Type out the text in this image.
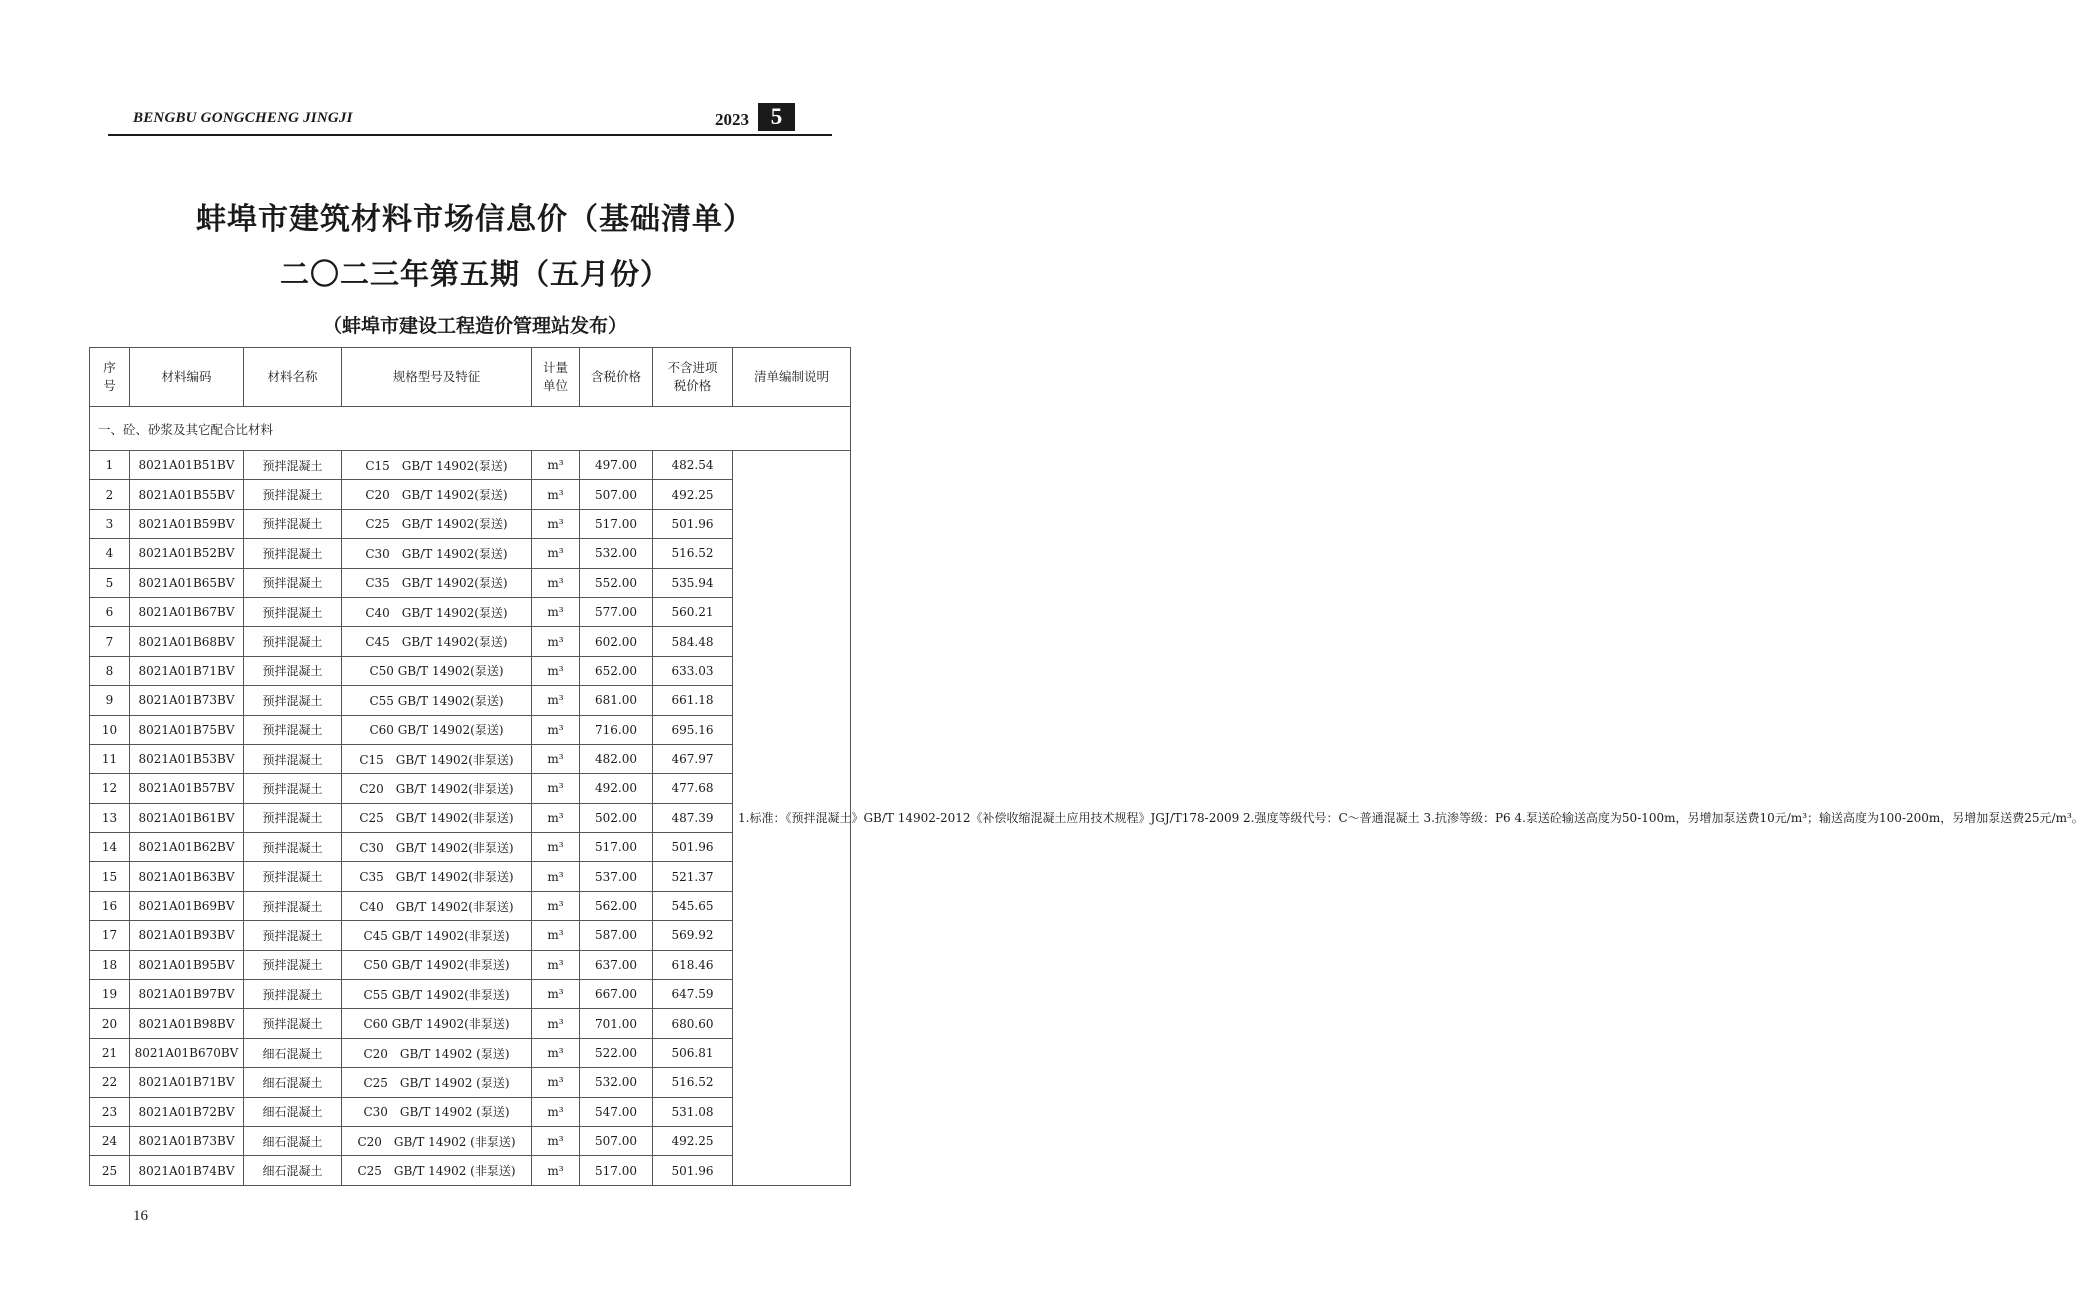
BENGBU GONGCHENG JINGJI	2023 5
蚌埠市建筑材料市场信息价（基础清单）
二〇二三年第五期（五月份）
（蚌埠市建设工程造价管理站发布）
序号	材料编码	材料名称	规格型号及特征	计量单位	含税价格	不含进项税价格	清单编制说明
一、砼、砂浆及其它配合比材料							
1	8021A01B51BV	预拌混凝土	C15　GB/T 14902(泵送)	m³	497.00	482.54	1.标准：《预拌混凝土》GB/T 14902-2012《补偿收缩混凝土应用技术规程》JGJ/T178-2009 2.强度等级代号：C～普通混凝土 3.抗渗等级：P6 4.泵送砼输送高度为50-100m，另增加泵送费10元/m³；输送高度为100-200m，另增加泵送费25元/m³。
2	8021A01B55BV	预拌混凝土	C20　GB/T 14902(泵送)	m³	507.00	492.25	
3	8021A01B59BV	预拌混凝土	C25　GB/T 14902(泵送)	m³	517.00	501.96	
4	8021A01B52BV	预拌混凝土	C30　GB/T 14902(泵送)	m³	532.00	516.52	
5	8021A01B65BV	预拌混凝土	C35　GB/T 14902(泵送)	m³	552.00	535.94	
6	8021A01B67BV	预拌混凝土	C40　GB/T 14902(泵送)	m³	577.00	560.21	
7	8021A01B68BV	预拌混凝土	C45　GB/T 14902(泵送)	m³	602.00	584.48	
8	8021A01B71BV	预拌混凝土	C50 GB/T 14902(泵送)	m³	652.00	633.03	
9	8021A01B73BV	预拌混凝土	C55 GB/T 14902(泵送)	m³	681.00	661.18	
10	8021A01B75BV	预拌混凝土	C60 GB/T 14902(泵送)	m³	716.00	695.16	
11	8021A01B53BV	预拌混凝土	C15　GB/T 14902(非泵送)	m³	482.00	467.97	
12	8021A01B57BV	预拌混凝土	C20　GB/T 14902(非泵送)	m³	492.00	477.68	
13	8021A01B61BV	预拌混凝土	C25　GB/T 14902(非泵送)	m³	502.00	487.39	
14	8021A01B62BV	预拌混凝土	C30　GB/T 14902(非泵送)	m³	517.00	501.96	
15	8021A01B63BV	预拌混凝土	C35　GB/T 14902(非泵送)	m³	537.00	521.37	
16	8021A01B69BV	预拌混凝土	C40　GB/T 14902(非泵送)	m³	562.00	545.65	
17	8021A01B93BV	预拌混凝土	C45 GB/T 14902(非泵送)	m³	587.00	569.92	
18	8021A01B95BV	预拌混凝土	C50 GB/T 14902(非泵送)	m³	637.00	618.46	
19	8021A01B97BV	预拌混凝土	C55 GB/T 14902(非泵送)	m³	667.00	647.59	
20	8021A01B98BV	预拌混凝土	C60 GB/T 14902(非泵送)	m³	701.00	680.60	
21	8021A01B670BV	细石混凝土	C20　GB/T 14902 (泵送)	m³	522.00	506.81	
22	8021A01B71BV	细石混凝土	C25　GB/T 14902 (泵送)	m³	532.00	516.52	
23	8021A01B72BV	细石混凝土	C30　GB/T 14902 (泵送)	m³	547.00	531.08	
24	8021A01B73BV	细石混凝土	C20　GB/T 14902 (非泵送)	m³	507.00	492.25	
25	8021A01B74BV	细石混凝土	C25　GB/T 14902 (非泵送)	m³	517.00	501.96	
16
